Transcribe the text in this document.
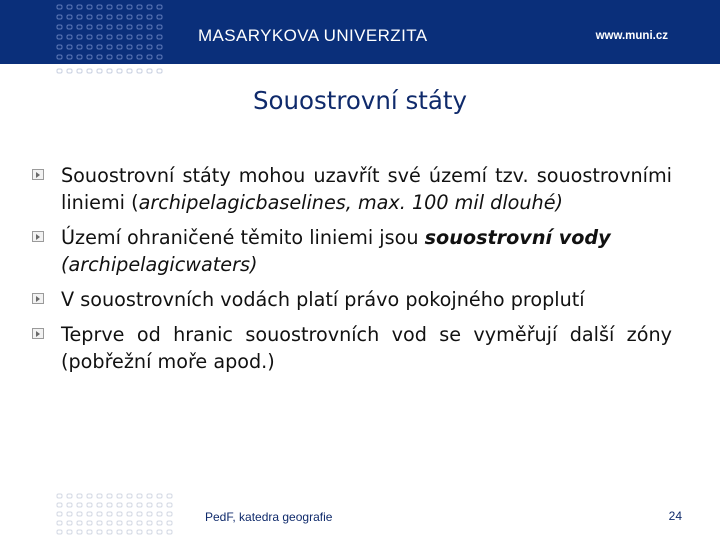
MASARYKOVA UNIVERZITA	www.muni.cz
Souostrovní státy
Souostrovní státy mohou uzavřít své území tzv. souostrovními liniemi (archipelagicbaselines, max. 100 mil dlouhé)
Území ohraničené těmito liniemi jsou souostrovní vody
(archipelagicwaters)
V souostrovních vodách platí právo pokojného proplutí
Teprve od hranic souostrovních vod se vyměřují další zóny (pobřežní moře apod.)
PedF, katedra geografie	24
